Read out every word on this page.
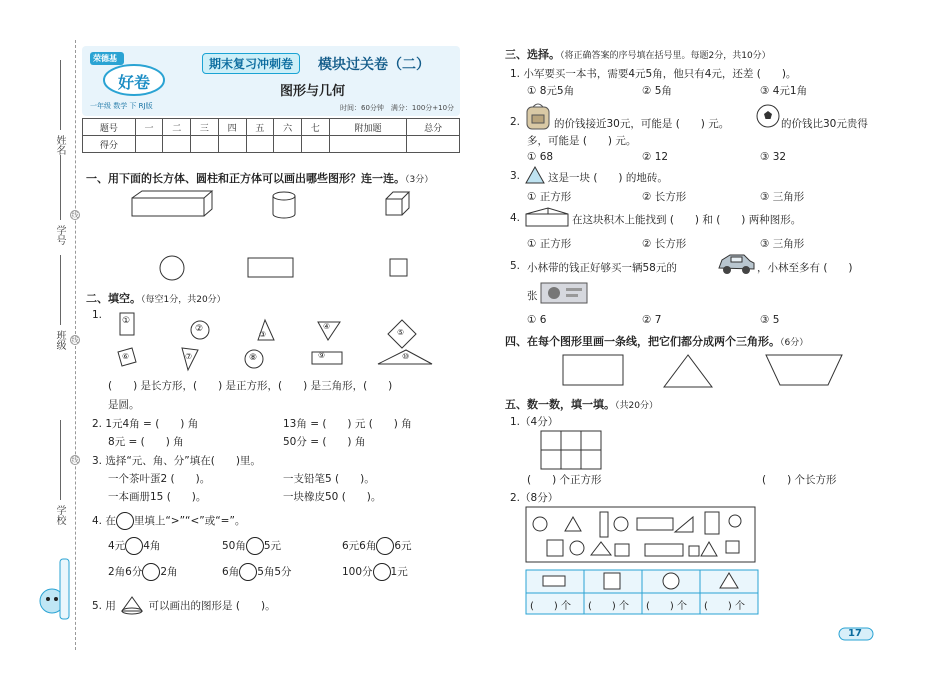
姓名
学号
班级
学校
线
线
线
荣德基
好卷
一年级 数学 下 RJ版
期末复习冲刺卷	模块过关卷（二）
图形与几何
时间：60分钟　满分：100分+10分
题号	一	二	三	四	五	六	七	附加题	总分
得分									
一、用下面的长方体、圆柱和正方体可以画出哪些图形？连一连。（3分）
二、填空。（每空1分，共20分）
1. ①
②
③
④
⑤
⑥	⑦	⑧	⑨	⑩
(　　) 是长方形，(　　) 是正方形，(　　) 是三角形，(　　)
是圆。
2. 1元4角 = (　　) 角	13角 = (　　) 元 (　　) 角
8元 = (　　) 角	50分 = (　　) 角
3. 选择“元、角、分”填在(　　)里。
一个茶叶蛋2 (　　)。	一支铅笔5 (　　)。
一本画册15 (　　)。	一块橡皮50 (　　)。
4. 在 里填上“>”“<”或“=”。
4元 4角	50角 5元	6元6角 6元
2角6分 2角	6角 5角5分	100分 1元
5. 用	可以画出的图形是 (　　)。
三、选择。（将正确答案的序号填在括号里。每题2分，共10分）
1. 小军要买一本书，需要4元5角，他只有4元，还差 (　　)。
① 8元5角	② 5角	③ 4元1角
2.	的价钱接近30元，可能是 (　　) 元。	的价钱比30元贵得
多，可能是 (　　) 元。
① 68	② 12	③ 32
3.	这是一块 (　　) 的地砖。
① 正方形	② 长方形	③ 三角形
4.	在这块积木上能找到 (　　) 和 (　　) 两种图形。
① 正方形	② 长方形	③ 三角形
5. 小林带的钱正好够买一辆58元的	，小林至多有 (　　)
张
① 6	② 7	③ 5
四、在每个图形里画一条线，把它们都分成两个三角形。（6分）
五、数一数，填一填。（共20分）
1.（4分）
(　　) 个正方形	(　　) 个长方形
2.（8分）
(　　) 个 (　　) 个 (　　) 个 (　　) 个
17
